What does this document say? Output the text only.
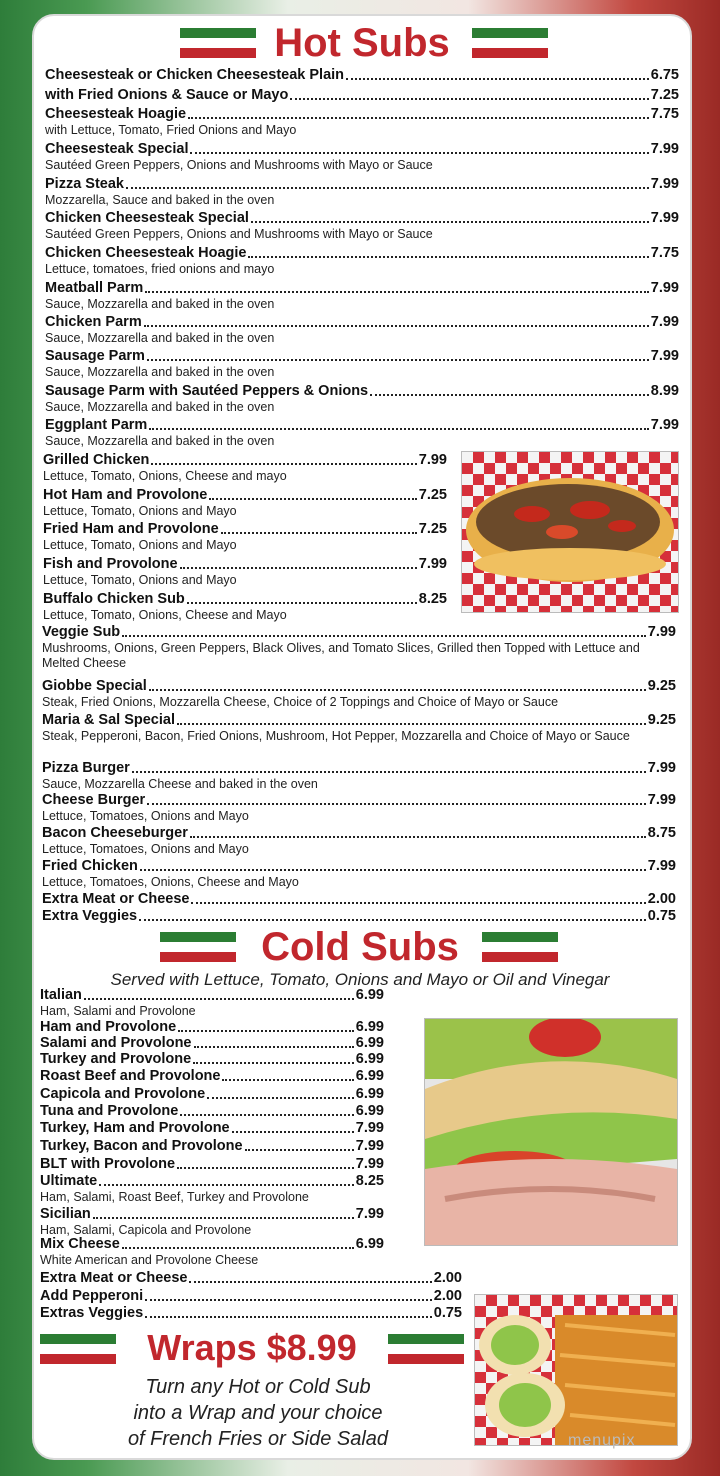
Hot Subs
Cheesesteak or Chicken Cheesesteak Plain	6.75
with Fried Onions & Sauce or Mayo	7.25
Cheesesteak Hoagie	7.75
with Lettuce, Tomato, Fried Onions and Mayo
Cheesesteak Special	7.99
Sautéed Green Peppers, Onions and Mushrooms with Mayo or Sauce
Pizza Steak	7.99
Mozzarella, Sauce and baked in the oven
Chicken Cheesesteak Special	7.99
Sautéed Green Peppers, Onions and Mushrooms with Mayo or Sauce
Chicken Cheesesteak Hoagie	7.75
Lettuce, tomatoes, fried onions and mayo
Meatball Parm	7.99
Sauce, Mozzarella and baked in the oven
Chicken Parm	7.99
Sauce, Mozzarella and baked in the oven
Sausage Parm	7.99
Sauce, Mozzarella and baked in the oven
Sausage Parm with Sautéed Peppers & Onions	8.99
Sauce, Mozzarella and baked in the oven
Eggplant Parm	7.99
Sauce, Mozzarella and baked in the oven
Grilled Chicken	7.99
Lettuce, Tomato, Onions, Cheese and mayo
Hot Ham and Provolone	7.25
Lettuce, Tomato, Onions and Mayo
Fried Ham and Provolone	7.25
Lettuce, Tomato, Onions and Mayo
Fish and Provolone	7.99
Lettuce, Tomato, Onions and Mayo
Buffalo Chicken Sub	8.25
Lettuce, Tomato, Onions, Cheese and Mayo
Veggie Sub	7.99
Mushrooms, Onions, Green Peppers, Black Olives, and Tomato Slices, Grilled then Topped with Lettuce and Melted Cheese
Giobbe Special	9.25
Steak, Fried Onions, Mozzarella Cheese, Choice of 2 Toppings and Choice of Mayo or Sauce
Maria & Sal Special	9.25
Steak, Pepperoni, Bacon, Fried Onions, Mushroom, Hot Pepper, Mozzarella and Choice of Mayo or Sauce
Pizza Burger	7.99
Sauce, Mozzarella Cheese and baked in the oven
Cheese Burger	7.99
Lettuce, Tomatoes, Onions and Mayo
Bacon Cheeseburger	8.75
Lettuce, Tomatoes, Onions and Mayo
Fried Chicken	7.99
Lettuce, Tomatoes, Onions, Cheese and Mayo
Extra Meat or Cheese	2.00
Extra Veggies	0.75
Cold Subs
Served with Lettuce, Tomato, Onions and Mayo or Oil and Vinegar
Italian	6.99
Ham, Salami and Provolone
Ham and Provolone	6.99
Salami and Provolone	6.99
Turkey and Provolone	6.99
Roast Beef and Provolone	6.99
Capicola and Provolone	6.99
Tuna and Provolone	6.99
Turkey, Ham and Provolone	7.99
Turkey, Bacon and Provolone	7.99
BLT with Provolone	7.99
Ultimate	8.25
Ham, Salami, Roast Beef, Turkey and Provolone
Sicilian	7.99
Ham, Salami, Capicola and Provolone
Mix Cheese	6.99
White American and Provolone Cheese
Extra Meat or Cheese	2.00
Add Pepperoni	2.00
Extras Veggies	0.75
Wraps $8.99
Turn any Hot or Cold Sub
into a Wrap and your choice
of French Fries or Side Salad	menupix
